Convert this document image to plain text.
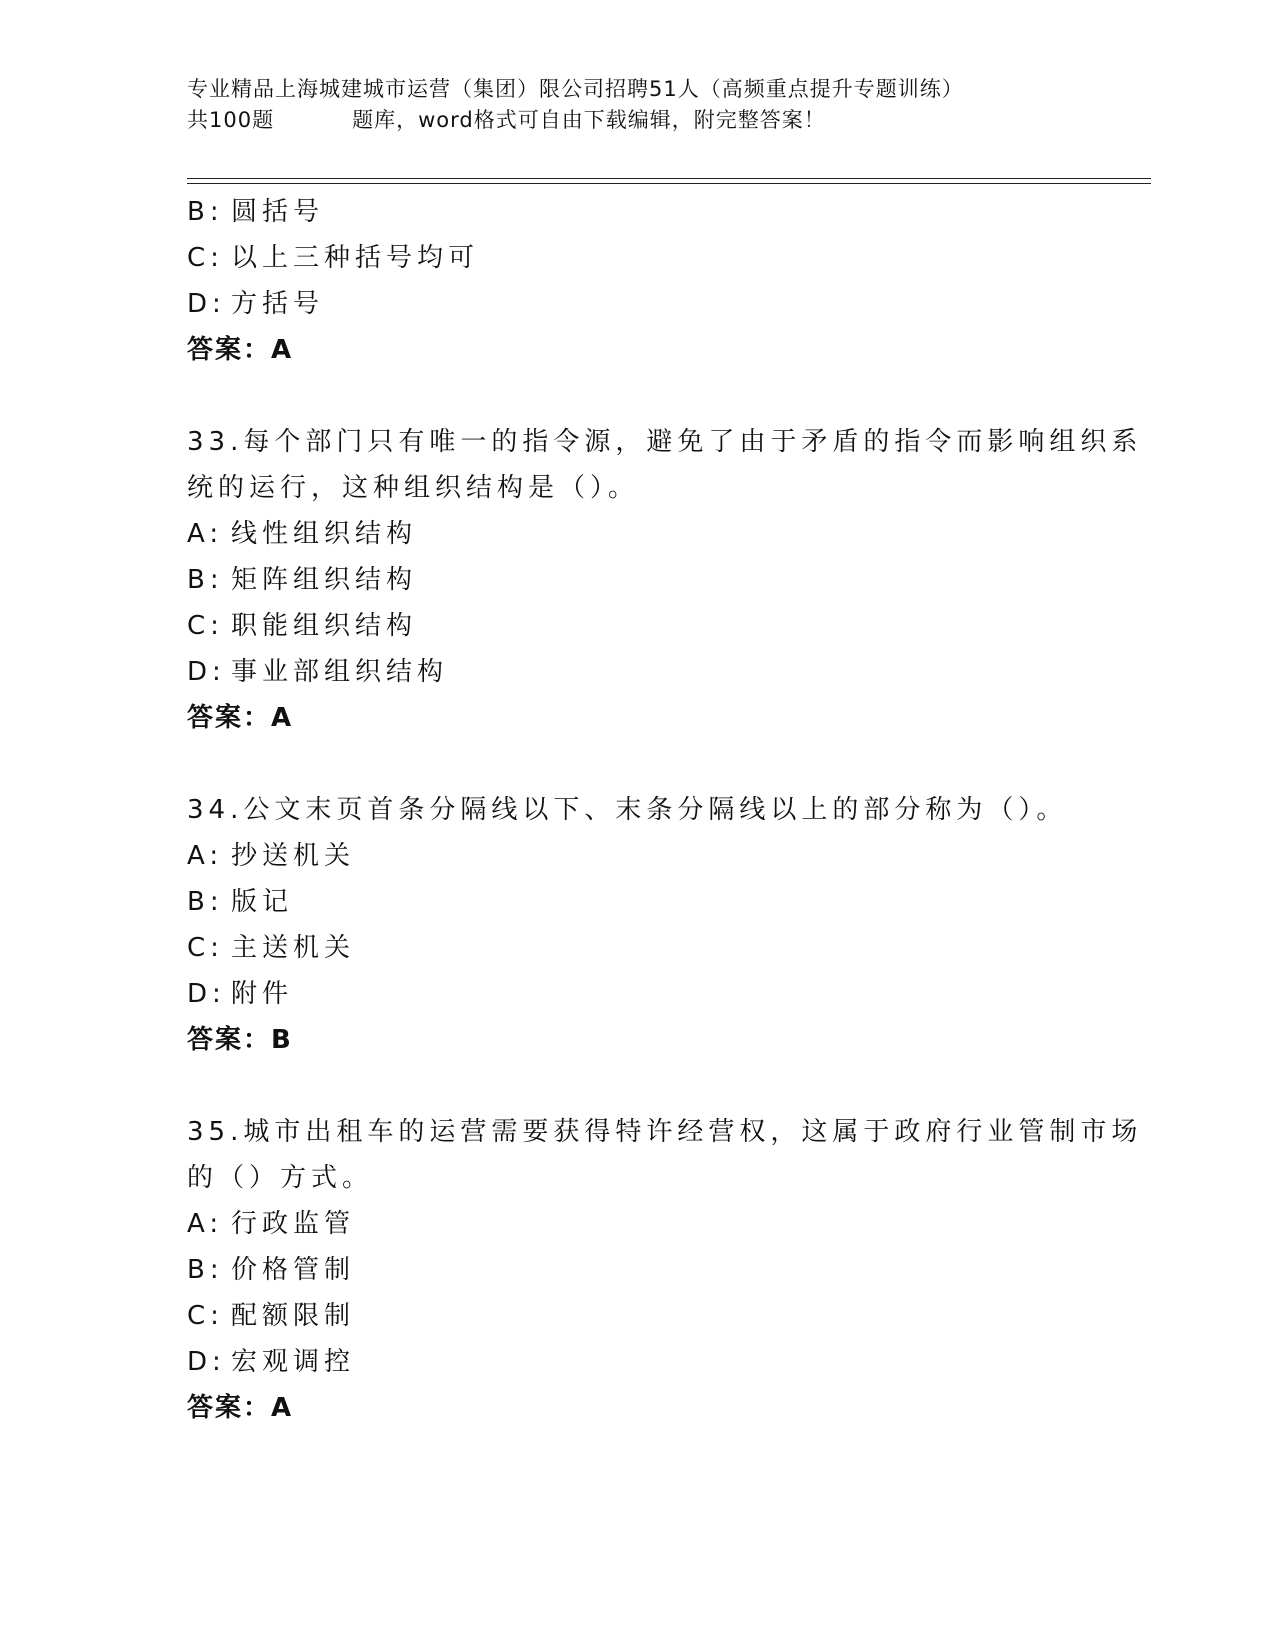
专业精品上海城建城市运营（集团）限公司招聘51人（高频重点提升专题训练）
共100题	题库，word格式可自由下载编辑，附完整答案！
B: 圆括号
C: 以上三种括号均可
D: 方括号
答案：A
33.每个部门只有唯一的指令源，避免了由于矛盾的指令而影响组织系
统的运行，这种组织结构是（）。
A: 线性组织结构
B: 矩阵组织结构
C: 职能组织结构
D: 事业部组织结构
答案：A
34.公文末页首条分隔线以下、末条分隔线以上的部分称为（）。
A: 抄送机关
B: 版记
C: 主送机关
D: 附件
答案：B
35.城市出租车的运营需要获得特许经营权，这属于政府行业管制市场
的（）方式。
A: 行政监管
B: 价格管制
C: 配额限制
D: 宏观调控
答案：A
